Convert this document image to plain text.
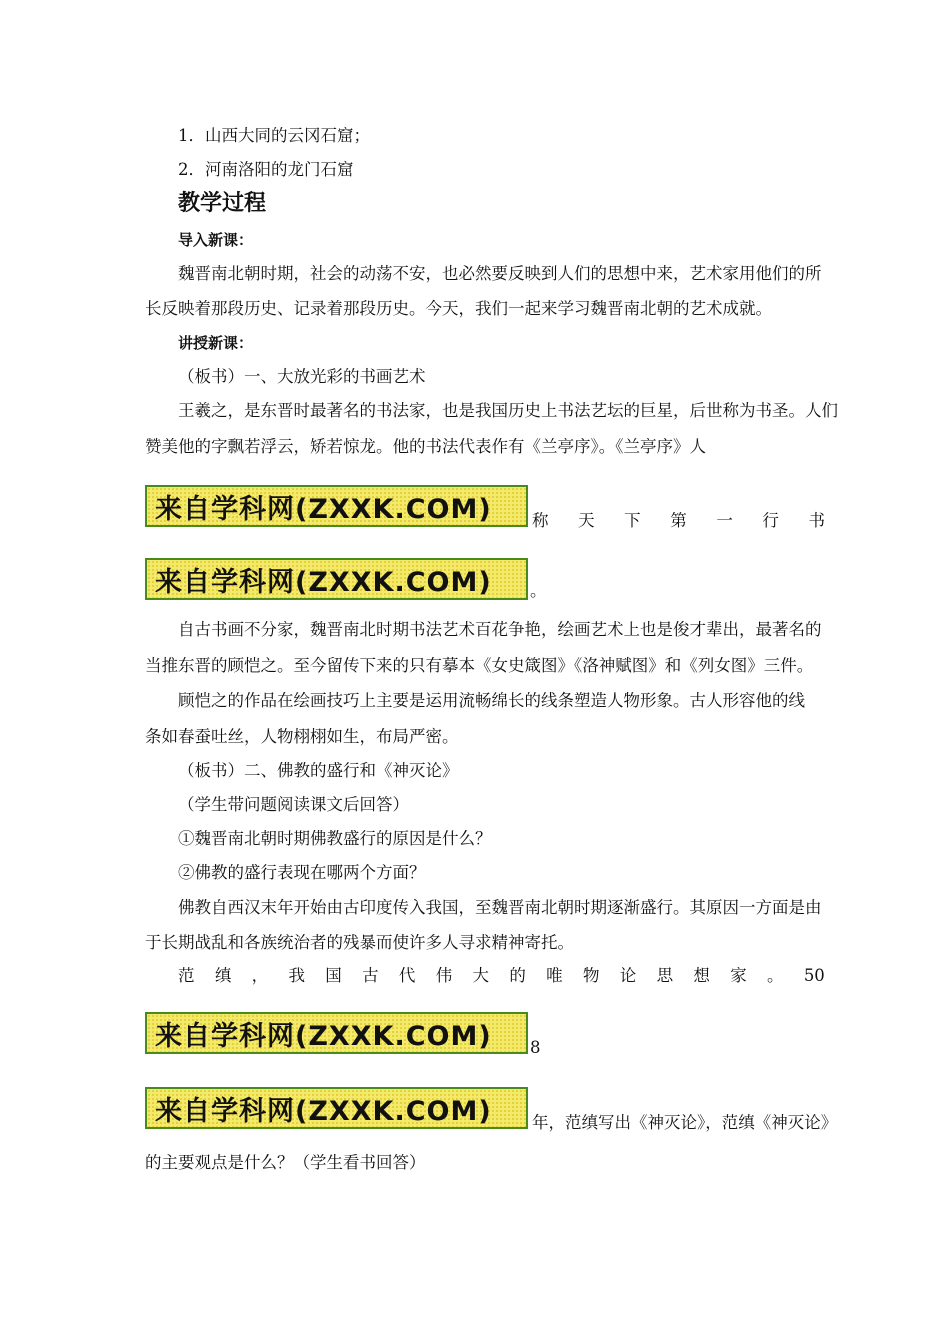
1．山西大同的云冈石窟；
2．河南洛阳的龙门石窟
教学过程
导入新课：
魏晋南北朝时期，社会的动荡不安，也必然要反映到人们的思想中来，艺术家用他们的所
长反映着那段历史、记录着那段历史。今天，我们一起来学习魏晋南北朝的艺术成就。
讲授新课：
（板书）一、大放光彩的书画艺术
王羲之，是东晋时最著名的书法家，也是我国历史上书法艺坛的巨星，后世称为书圣。人们
赞美他的字飘若浮云，矫若惊龙。他的书法代表作有《兰亭序》。《兰亭序》人
来自学科网(ZXXK.COM) 称 天 下 第 一 行 书
来自学科网(ZXXK.COM) 。
自古书画不分家，魏晋南北时期书法艺术百花争艳，绘画艺术上也是俊才辈出，最著名的
当推东晋的顾恺之。至今留传下来的只有摹本《女史箴图》《洛神赋图》和《列女图》三件。
顾恺之的作品在绘画技巧上主要是运用流畅绵长的线条塑造人物形象。古人形容他的线
条如春蚕吐丝，人物栩栩如生，布局严密。
（板书）二、佛教的盛行和《神灭论》
（学生带问题阅读课文后回答）
①魏晋南北朝时期佛教盛行的原因是什么？
②佛教的盛行表现在哪两个方面？
佛教自西汉末年开始由古印度传入我国，至魏晋南北朝时期逐渐盛行。其原因一方面是由
于长期战乱和各族统治者的残暴而使许多人寻求精神寄托。
范 缜 ， 我 国 古 代 伟 大 的 唯 物 论 思 想 家 。 50
来自学科网(ZXXK.COM) 8
来自学科网(ZXXK.COM) 年，范缜写出《神灭论》，范缜《神灭论》
的主要观点是什么？（学生看书回答）
